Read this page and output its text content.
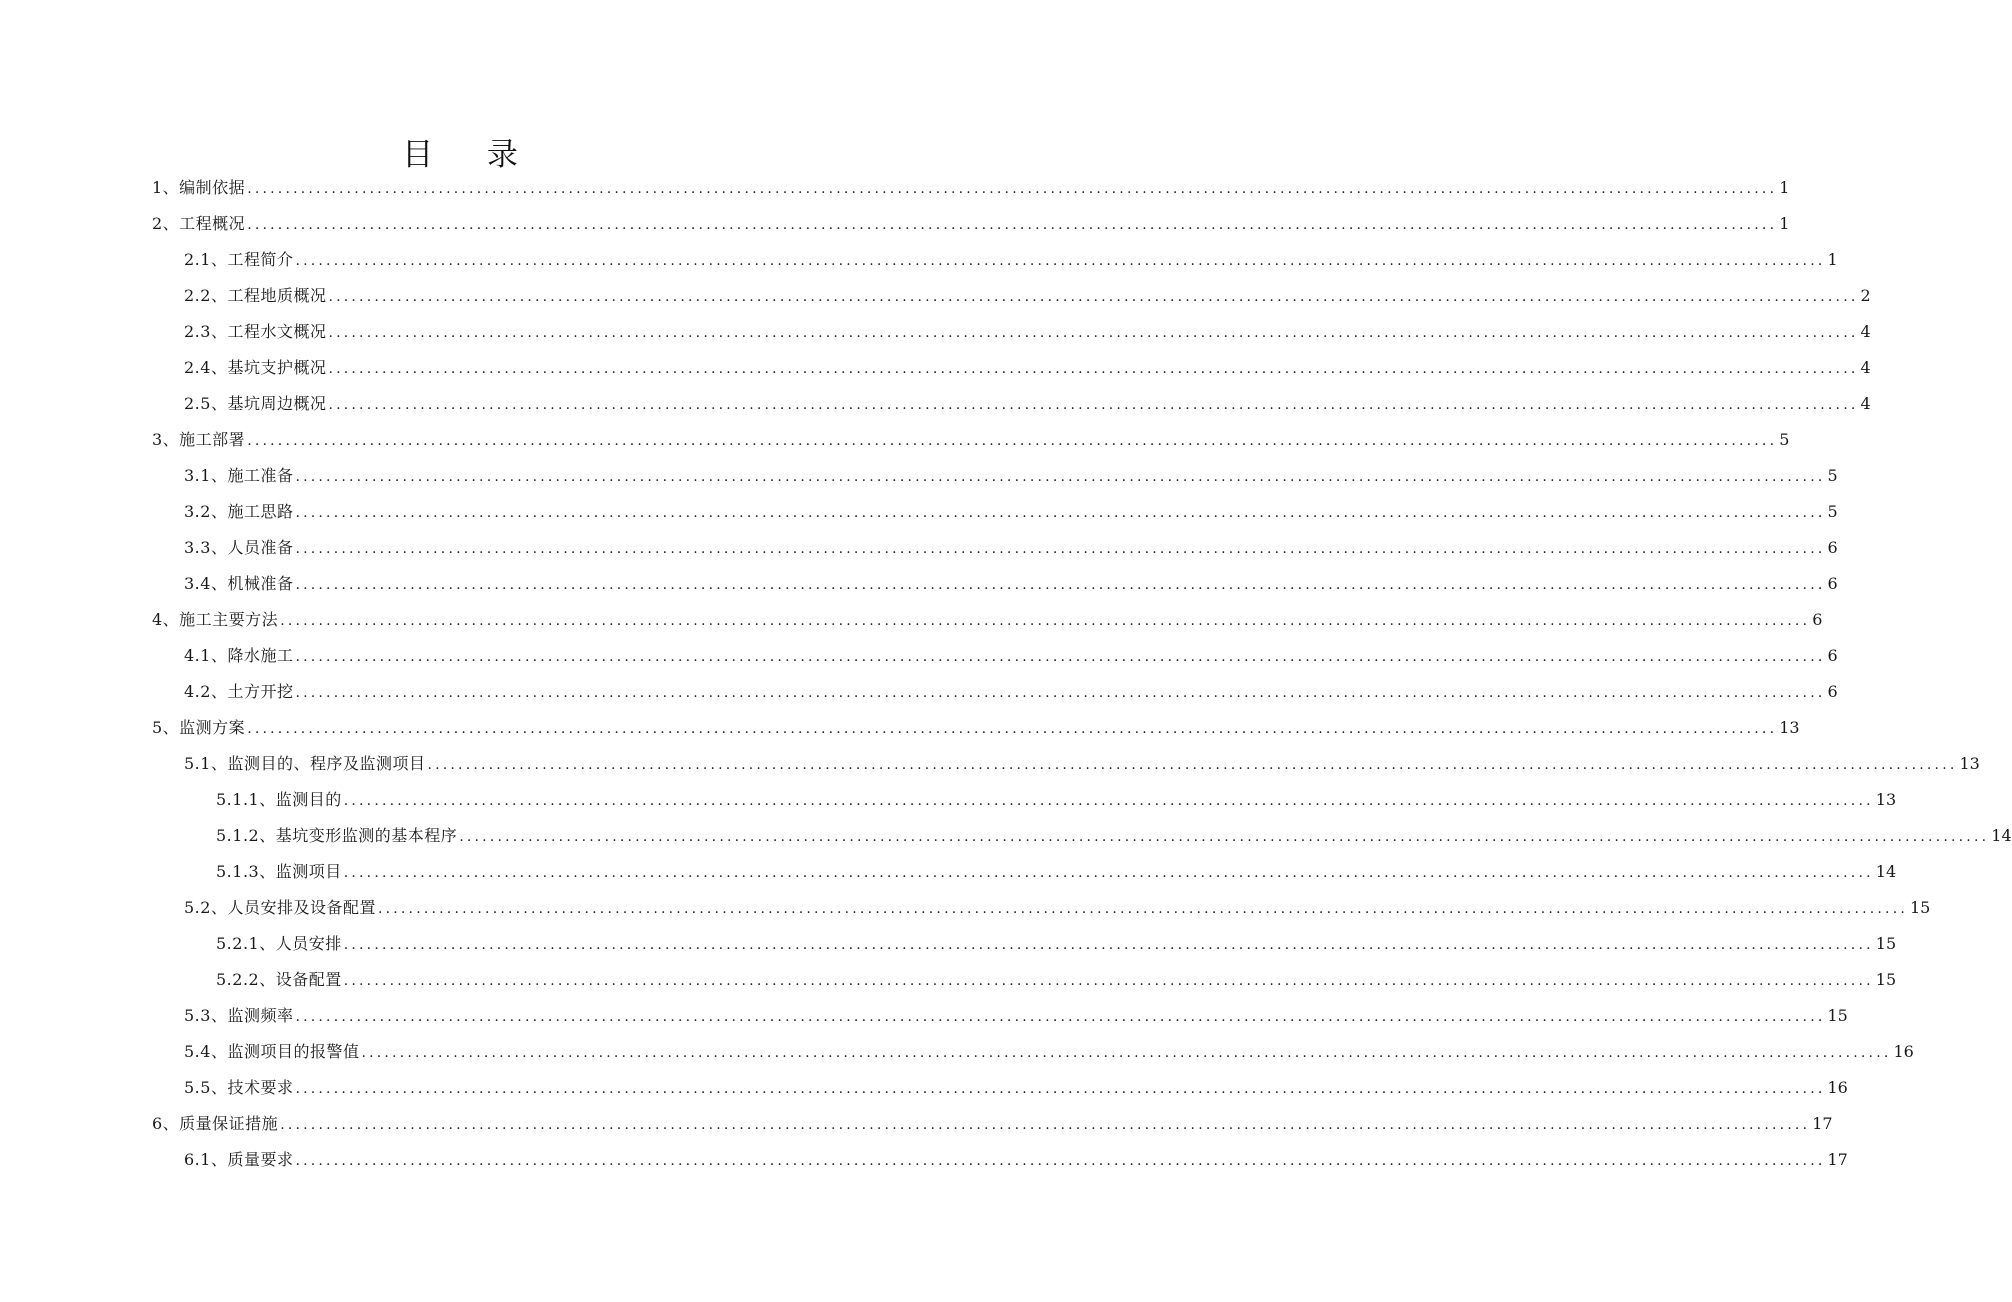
目 录
1、编制依据 ........................................................................................................................................................................................................ 1
2、工程概况 ........................................................................................................................................................................................................ 1
2.1、工程简介 ........................................................................................................................................................................................................ 1
2.2、工程地质概况 ........................................................................................................................................................................................................ 2
2.3、工程水文概况 ........................................................................................................................................................................................................ 4
2.4、基坑支护概况 ........................................................................................................................................................................................................ 4
2.5、基坑周边概况 ........................................................................................................................................................................................................ 4
3、施工部署 ........................................................................................................................................................................................................ 5
3.1、施工准备 ........................................................................................................................................................................................................ 5
3.2、施工思路 ........................................................................................................................................................................................................ 5
3.3、人员准备 ........................................................................................................................................................................................................ 6
3.4、机械准备 ........................................................................................................................................................................................................ 6
4、施工主要方法 ........................................................................................................................................................................................................ 6
4.1、降水施工 ........................................................................................................................................................................................................ 6
4.2、土方开挖 ........................................................................................................................................................................................................ 6
5、监测方案 ........................................................................................................................................................................................................ 13
5.1、监测目的、程序及监测项目 ........................................................................................................................................................................................................ 13
5.1.1、监测目的 ........................................................................................................................................................................................................ 13
5.1.2、基坑变形监测的基本程序 ........................................................................................................................................................................................................ 14
5.1.3、监测项目 ........................................................................................................................................................................................................ 14
5.2、人员安排及设备配置 ........................................................................................................................................................................................................ 15
5.2.1、人员安排 ........................................................................................................................................................................................................ 15
5.2.2、设备配置 ........................................................................................................................................................................................................ 15
5.3、监测频率 ........................................................................................................................................................................................................ 15
5.4、监测项目的报警值 ........................................................................................................................................................................................................ 16
5.5、技术要求 ........................................................................................................................................................................................................ 16
6、质量保证措施 ........................................................................................................................................................................................................ 17
6.1、质量要求 ........................................................................................................................................................................................................ 17
